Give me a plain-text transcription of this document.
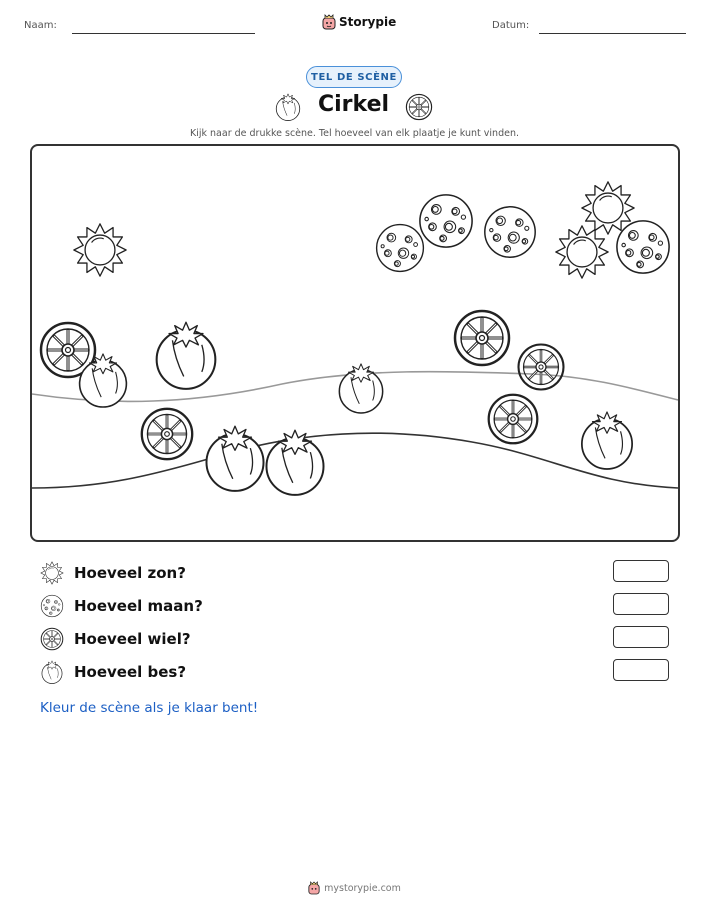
Naam:	Datum:
Storypie
TEL DE SCÈNE
Cirkel
Kijk naar de drukke scène. Tel hoeveel van elk plaatje je kunt vinden.
Hoeveel zon?
Hoeveel maan?
Hoeveel wiel?
Hoeveel bes?
Kleur de scène als je klaar bent!
mystorypie.com
